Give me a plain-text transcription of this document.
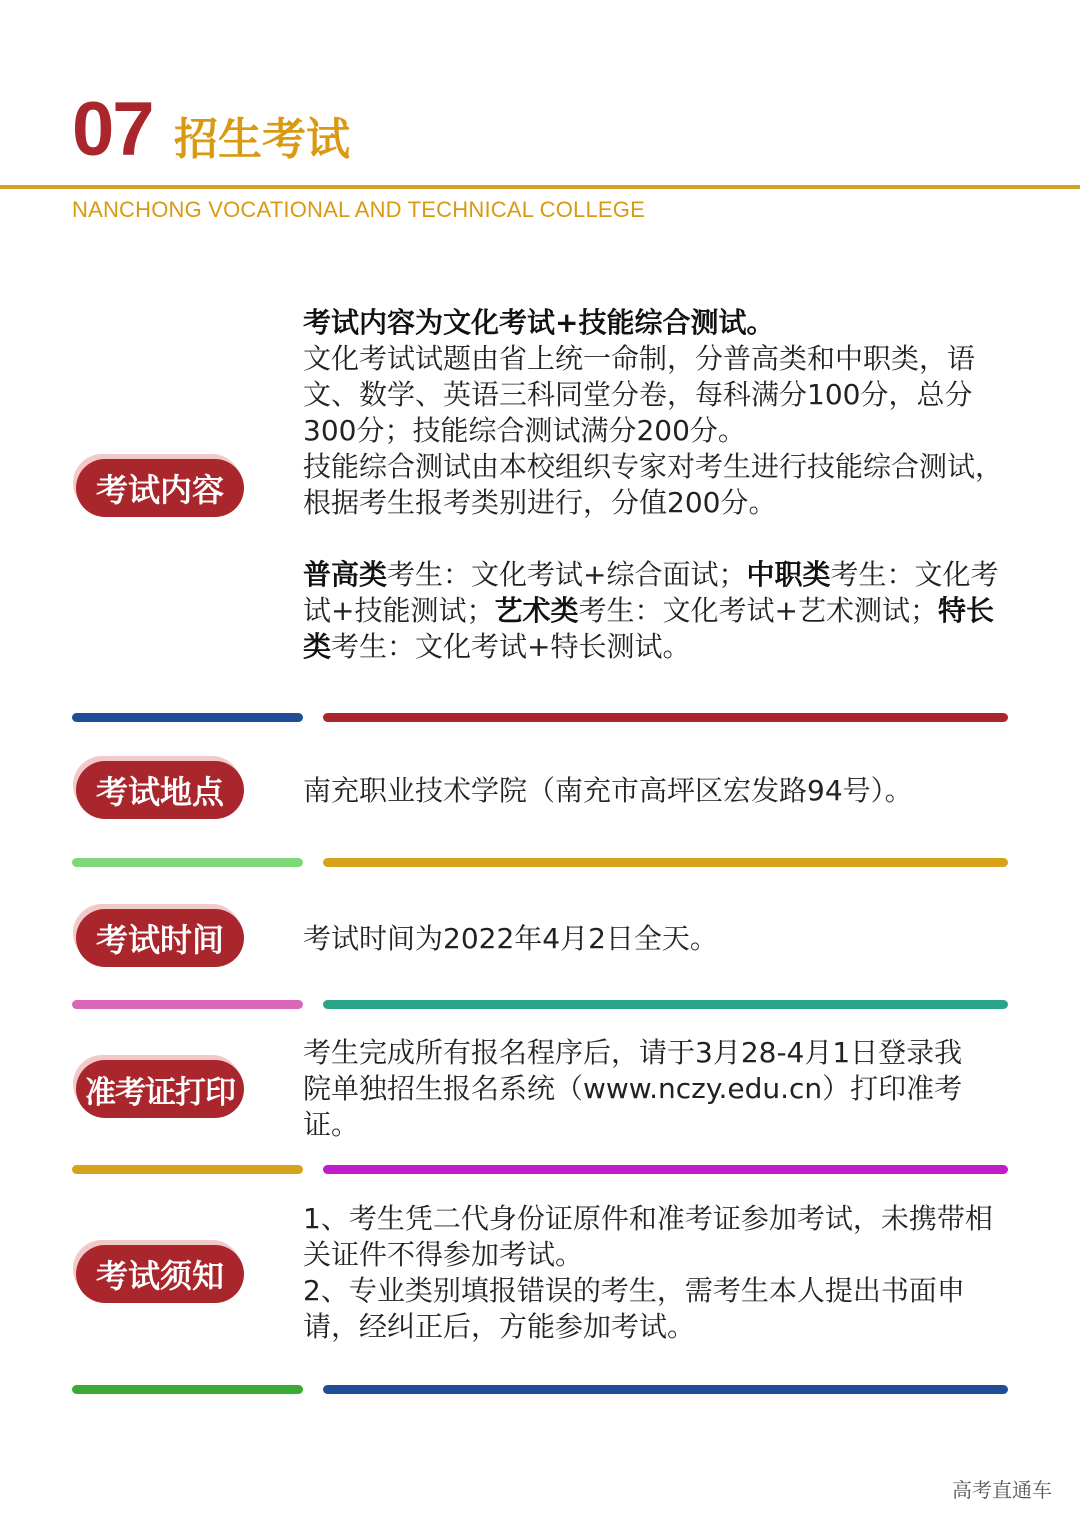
07 招生考试
NANCHONG VOCATIONAL AND TECHNICAL COLLEGE
考试内容

考试内容为文化考试+技能综合测试。

文化考试试题由省上统一命制，分普高类和中职类，语文、数学、英语三科同堂分卷，每科满分100分，总分300分；技能综合测试满分200分。

技能综合测试由本校组织专家对考生进行技能综合测试，根据考生报考类别进行，分值200分。

普高类考生：文化考试+综合面试；中职类考生：文化考试+技能测试；艺术类考生：文化考试+艺术测试；特长类考生：文化考试+特长测试。

考试地点	南充职业技术学院（南充市高坪区宏发路94号）。
考试时间	考试时间为2022年4月2日全天。
准考证打印
考生完成所有报名程序后，请于3月28-4月1日登录我院单独招生报名系统（www.nczy.edu.cn）打印准考证。
考试须知

1、考生凭二代身份证原件和准考证参加考试，未携带相关证件不得参加考试。

2、专业类别填报错误的考生，需考生本人提出书面申请，经纠正后，方能参加考试。

高考直通车
